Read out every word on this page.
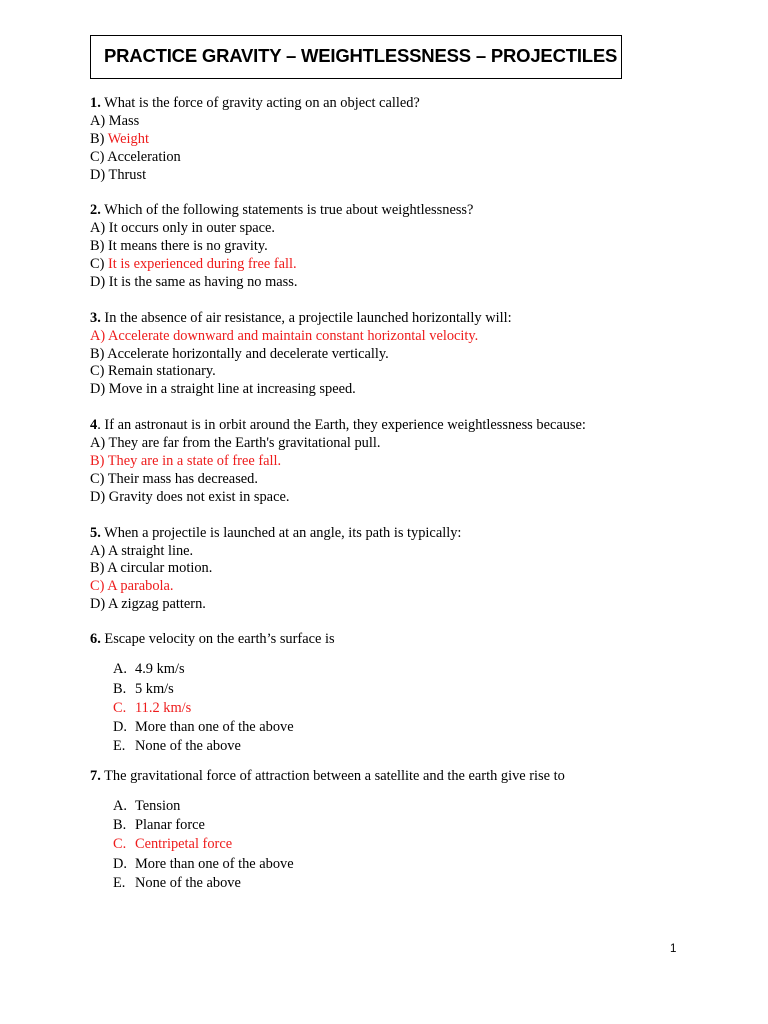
PRACTICE GRAVITY – WEIGHTLESSNESS – PROJECTILES
1. What is the force of gravity acting on an object called?
A) Mass
B) Weight
C) Acceleration
D) Thrust
2. Which of the following statements is true about weightlessness?
A) It occurs only in outer space.
B) It means there is no gravity.
C) It is experienced during free fall.
D) It is the same as having no mass.
3. In the absence of air resistance, a projectile launched horizontally will:
A) Accelerate downward and maintain constant horizontal velocity.
B) Accelerate horizontally and decelerate vertically.
C) Remain stationary.
D) Move in a straight line at increasing speed.
4. If an astronaut is in orbit around the Earth, they experience weightlessness because:
A) They are far from the Earth's gravitational pull.
B) They are in a state of free fall.
C) Their mass has decreased.
D) Gravity does not exist in space.
5. When a projectile is launched at an angle, its path is typically:
A) A straight line.
B) A circular motion.
C) A parabola.
D) A zigzag pattern.
6. Escape velocity on the earth’s surface is
A. 4.9 km/s
B. 5 km/s
C. 11.2 km/s
D. More than one of the above
E. None of the above
7. The gravitational force of attraction between a satellite and the earth give rise to
A. Tension
B. Planar force
C. Centripetal force
D. More than one of the above
E. None of the above
1
